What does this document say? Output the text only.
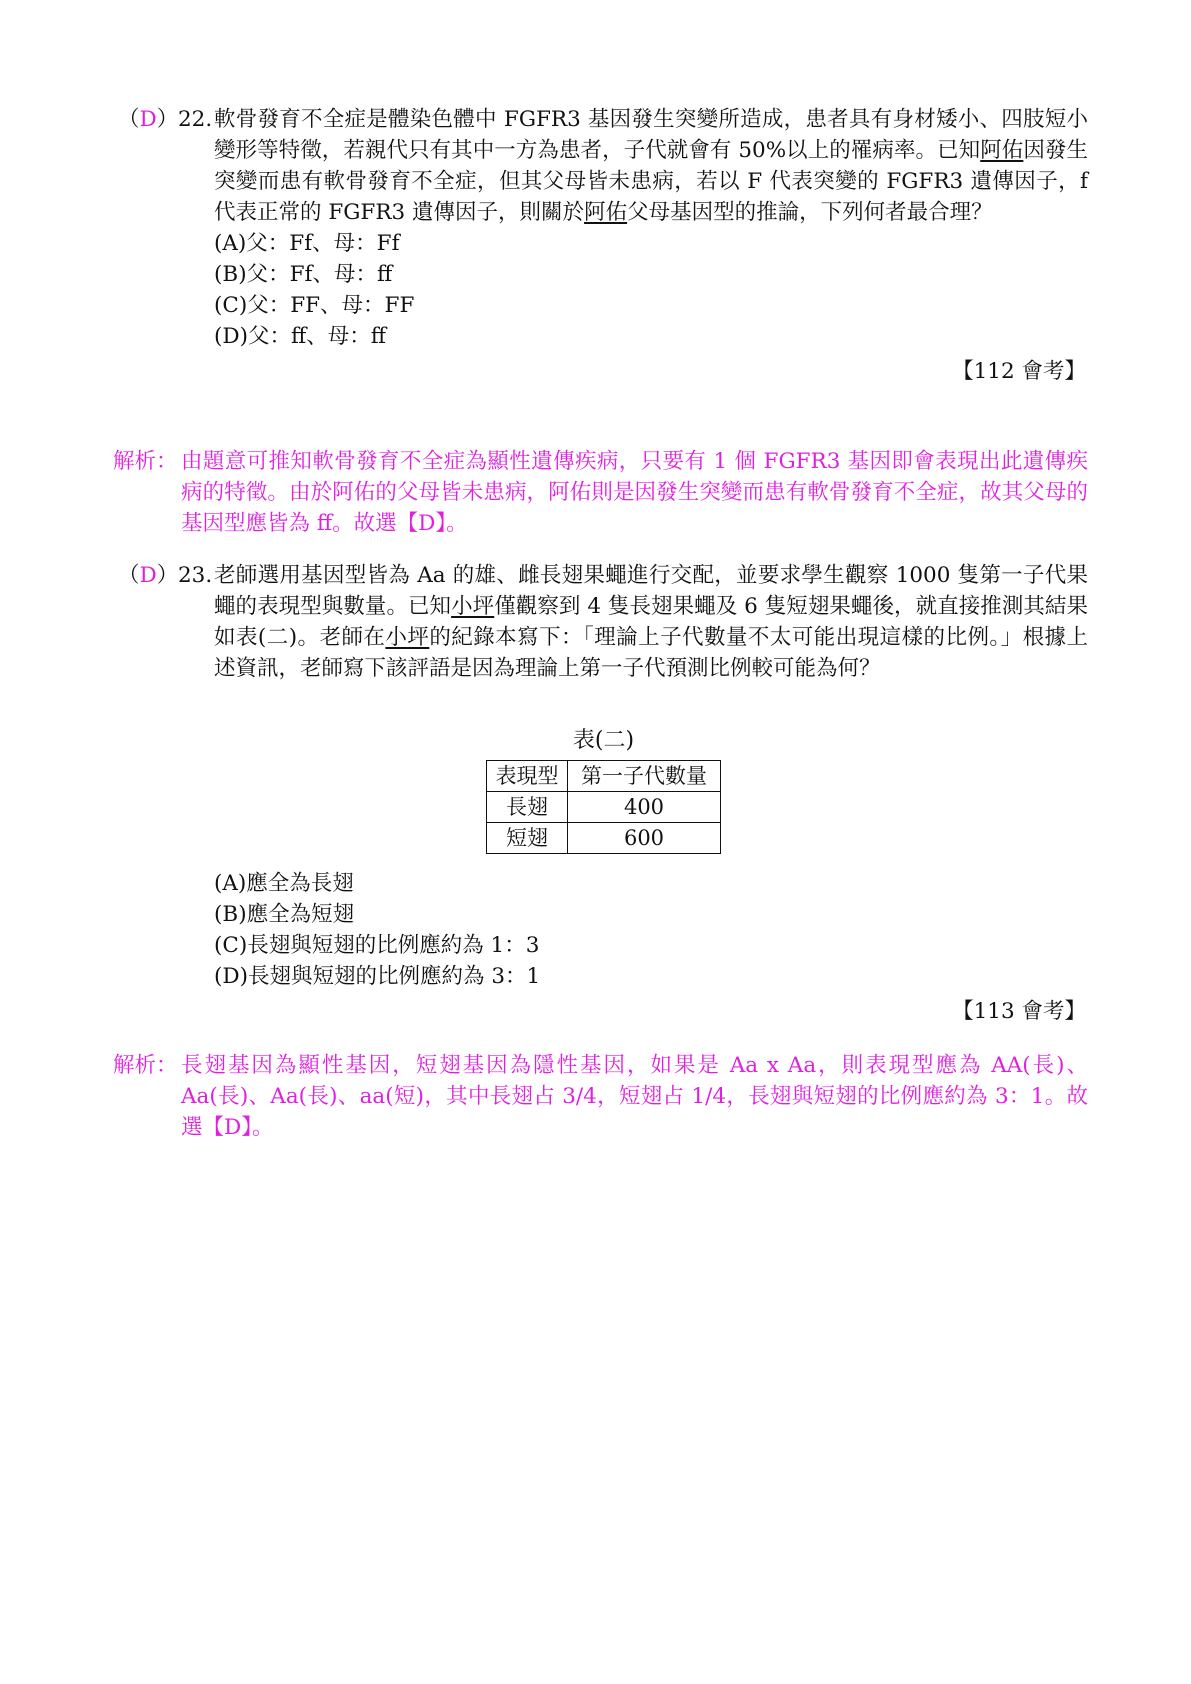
（D） 22. 軟骨發育不全症是體染色體中 FGFR3 基因發生突變所造成，患者具有身材矮小、四肢短小變形等特徵，若親代只有其中一方為患者，子代就會有 50%以上的罹病率。已知阿佑因發生突變而患有軟骨發育不全症，但其父母皆未患病，若以 F 代表突變的 FGFR3 遺傳因子，f 代表正常的 FGFR3 遺傳因子，則關於阿佑父母基因型的推論，下列何者最合理？
(A)父：Ff、母：Ff
(B)父：Ff、母：ff
(C)父：FF、母：FF
(D)父：ff、母：ff
【112 會考】
解析： 由題意可推知軟骨發育不全症為顯性遺傳疾病，只要有 1 個 FGFR3 基因即會表現出此遺傳疾病的特徵。由於阿佑的父母皆未患病，阿佑則是因發生突變而患有軟骨發育不全症，故其父母的基因型應皆為 ff。故選【D】。
（D） 23. 老師選用基因型皆為 Aa 的雄、雌長翅果蠅進行交配，並要求學生觀察 1000 隻第一子代果蠅的表現型與數量。已知小坪僅觀察到 4 隻長翅果蠅及 6 隻短翅果蠅後，就直接推測其結果如表(二)。老師在小坪的紀錄本寫下：「理論上子代數量不太可能出現這樣的比例。」根據上述資訊，老師寫下該評語是因為理論上第一子代預測比例較可能為何？
表(二)
表現型	第一子代數量
長翅	400
短翅	600
(A)應全為長翅
(B)應全為短翅
(C)長翅與短翅的比例應約為 1：3
(D)長翅與短翅的比例應約為 3：1
【113 會考】
解析： 長翅基因為顯性基因，短翅基因為隱性基因，如果是 Aa x Aa，則表現型應為 AA(長)、Aa(長)、Aa(長)、aa(短)，其中長翅占 3/4，短翅占 1/4，長翅與短翅的比例應約為 3：1。故選【D】。
